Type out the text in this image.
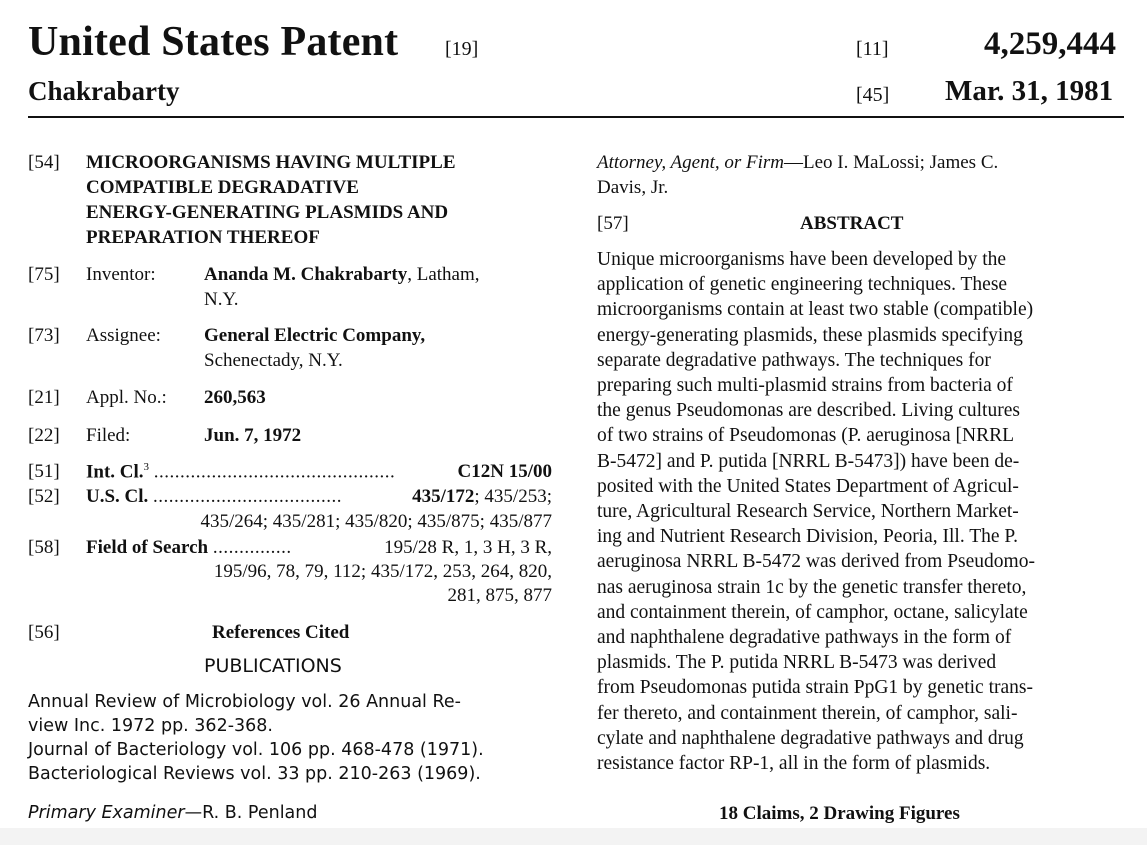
United States Patent [19]
Chakrabarty
[11]	4,259,444
[45] Mar. 31, 1981
[54] MICROORGANISMS HAVING MULTIPLE
COMPATIBLE DEGRADATIVE
ENERGY-GENERATING PLASMIDS AND
PREPARATION THEREOF
[75] Inventor:	Ananda M. Chakrabarty, Latham,
N.Y.
[73] Assignee: General Electric Company,
Schenectady, N.Y.
[21] Appl. No.: 260,563
[22] Filed:	Jun. 7, 1972
[51] Int. Cl.$^3$ ..............................................	C12N 15/00
[52] U.S. Cl. ....................................	435/172; 435/253;
435/264; 435/281; 435/820; 435/875; 435/877
[58] Field of Search ...............	195/28 R, 1, 3 H, 3 R,
195/96, 78, 79, 112; 435/172, 253, 264, 820,
281, 875, 877
[56]	References Cited
PUBLICATIONS
Annual Review of Microbiology vol. 26 Annual Re-
view Inc. 1972 pp. 362-368.
Journal of Bacteriology vol. 106 pp. 468-478 (1971).
Bacteriological Reviews vol. 33 pp. 210-263 (1969).
Primary Examiner—R. B. Penland
Attorney, Agent, or Firm—Leo I. MaLossi; James C.
Davis, Jr.
[57]	ABSTRACT
Unique microorganisms have been developed by the
application of genetic engineering techniques. These
microorganisms contain at least two stable (compatible)
energy-generating plasmids, these plasmids specifying
separate degradative pathways. The techniques for
preparing such multi-plasmid strains from bacteria of
the genus Pseudomonas are described. Living cultures
of two strains of Pseudomonas (P. aeruginosa [NRRL
B-5472] and P. putida [NRRL B-5473]) have been de-
posited with the United States Department of Agricul-
ture, Agricultural Research Service, Northern Market-
ing and Nutrient Research Division, Peoria, Ill. The P.
aeruginosa NRRL B-5472 was derived from Pseudomo-
nas aeruginosa strain 1c by the genetic transfer thereto,
and containment therein, of camphor, octane, salicylate
and naphthalene degradative pathways in the form of
plasmids. The P. putida NRRL B-5473 was derived
from Pseudomonas putida strain PpG1 by genetic trans-
fer thereto, and containment therein, of camphor, sali-
cylate and naphthalene degradative pathways and drug
resistance factor RP-1, all in the form of plasmids.
18 Claims, 2 Drawing Figures
